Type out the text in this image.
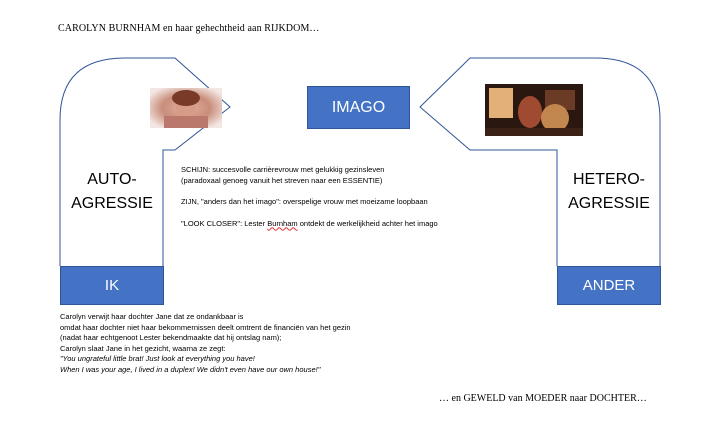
CAROLYN BURNHAM en haar gehechtheid aan RIJKDOM…
IMAGO
IK	ANDER
AUTO-
AGRESSIE
HETERO-
AGRESSIE

SCHIJN: succesvolle carrièrevrouw met gelukkig gezinsleven

(paradoxaal genoeg vanuit het streven naar een ESSENTIE)

ZIJN, "anders dan het imago": overspelige vrouw met moeizame loopbaan

"LOOK CLOSER": Lester Burnham ontdekt de werkelijkheid achter het imago

Carolyn verwijt haar dochter Jane dat ze ondankbaar is

omdat haar dochter niet haar bekommernissen deelt omtrent de financiën van het gezin

(nadat haar echtgenoot Lester bekendmaakte dat hij ontslag nam);

Carolyn slaat Jane in het gezicht, waarna ze zegt:

"You ungrateful little brat! Just look at everything you have!

When I was your age, I lived in a duplex! We didn't even have our own house!"

… en GEWELD van MOEDER naar DOCHTER…
